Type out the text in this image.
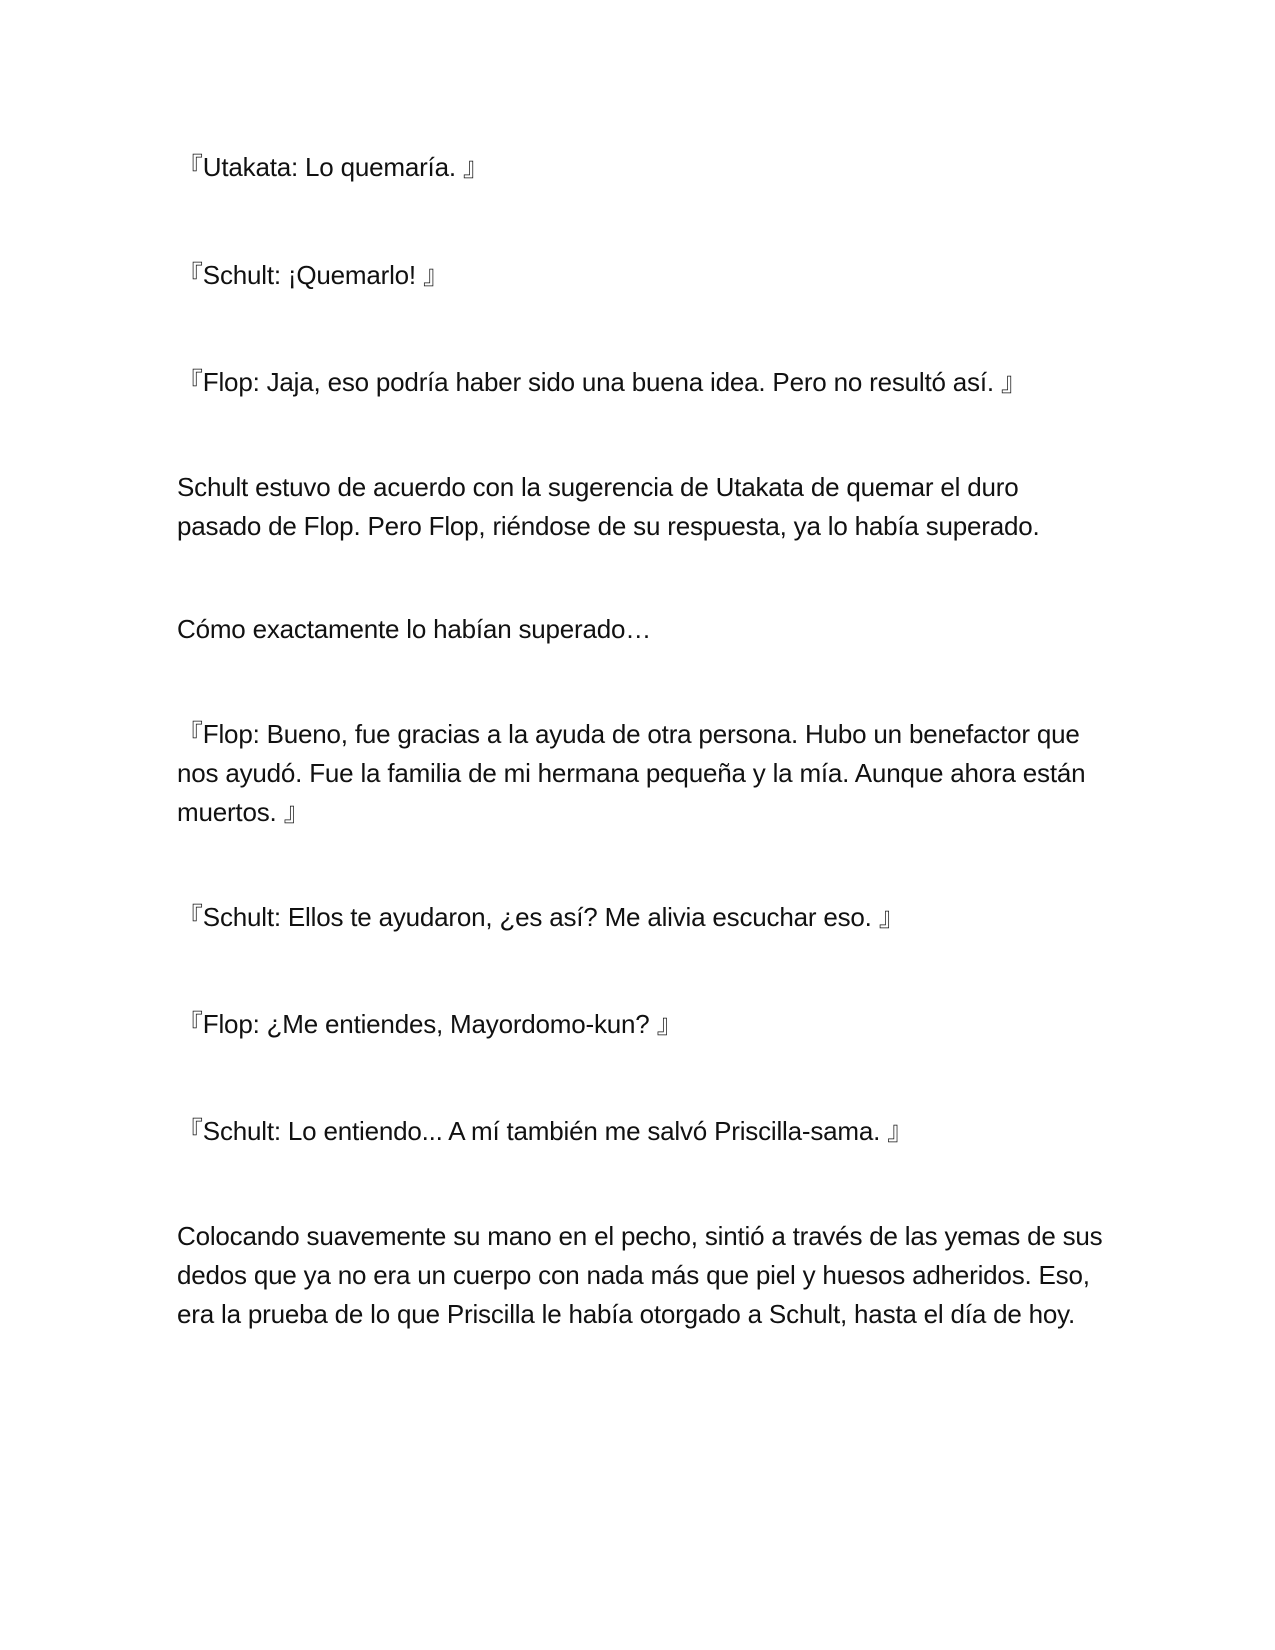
『Utakata: Lo quemaría. 』

『Schult: ¡Quemarlo! 』

『Flop: Jaja, eso podría haber sido una buena idea. Pero no resultó así. 』

Schult estuvo de acuerdo con la sugerencia de Utakata de quemar el duro pasado de Flop. Pero Flop, riéndose de su respuesta, ya lo había superado.

Cómo exactamente lo habían superado…

『Flop: Bueno, fue gracias a la ayuda de otra persona. Hubo un benefactor que nos ayudó. Fue la familia de mi hermana pequeña y la mía. Aunque ahora están muertos. 』

『Schult: Ellos te ayudaron, ¿es así? Me alivia escuchar eso. 』

『Flop: ¿Me entiendes, Mayordomo-kun? 』

『Schult: Lo entiendo... A mí también me salvó Priscilla-sama. 』

Colocando suavemente su mano en el pecho, sintió a través de las yemas de sus dedos que ya no era un cuerpo con nada más que piel y huesos adheridos. Eso, era la prueba de lo que Priscilla le había otorgado a Schult, hasta el día de hoy.
